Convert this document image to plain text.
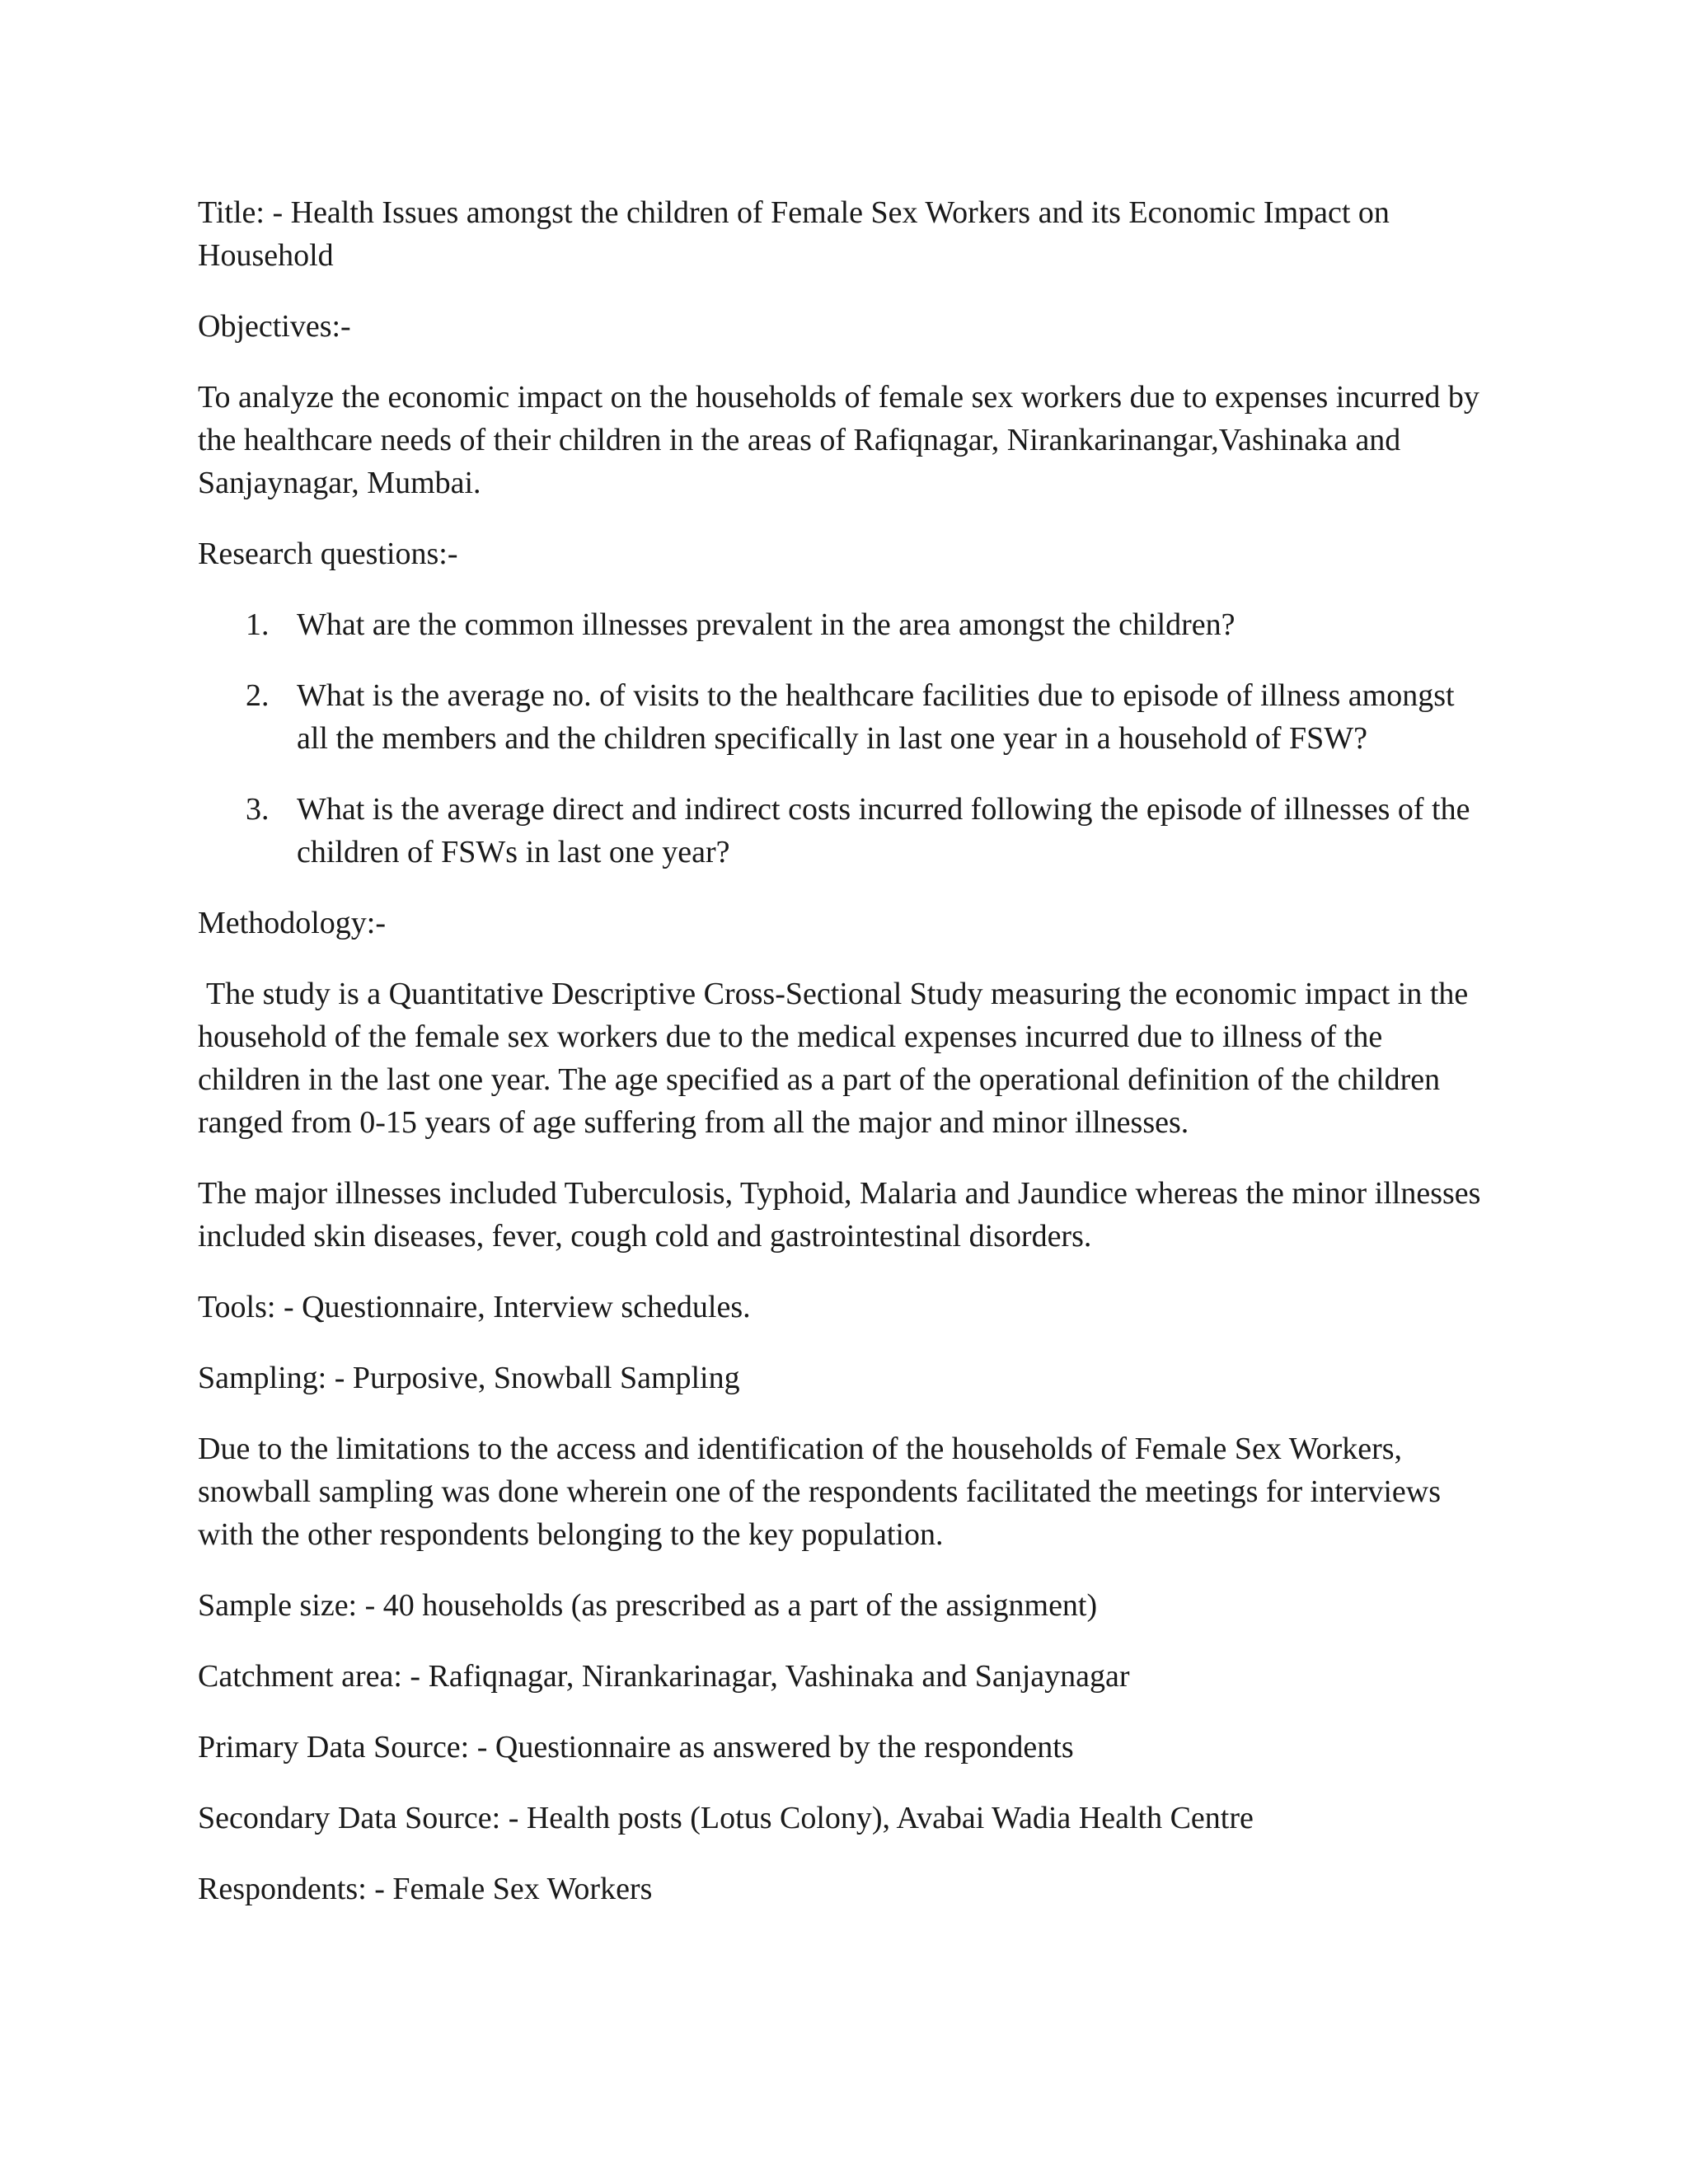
Title: - Health Issues amongst the children of Female Sex Workers and its Economic Impact on Household

Objectives:-

To analyze the economic impact on the households of female sex workers due to expenses incurred by the healthcare needs of their children in the areas of Rafiqnagar, Nirankarinangar,Vashinaka and Sanjaynagar, Mumbai.

Research questions:-

1. What are the common illnesses prevalent in the area amongst the children?
2. What is the average no. of visits to the healthcare facilities due to episode of illness amongst all the members and the children specifically in last one year in a household of FSW?
3. What is the average direct and indirect costs incurred following the episode of illnesses of the children of FSWs in last one year?

Methodology:-

The study is a Quantitative Descriptive Cross-Sectional Study measuring the economic impact in the household of the female sex workers due to the medical expenses incurred due to illness of the children in the last one year. The age specified as a part of the operational definition of the children ranged from 0-15 years of age suffering from all the major and minor illnesses.

The major illnesses included Tuberculosis, Typhoid, Malaria and Jaundice whereas the minor illnesses included skin diseases, fever, cough cold and gastrointestinal disorders.

Tools: - Questionnaire, Interview schedules.

Sampling: - Purposive, Snowball Sampling

Due to the limitations to the access and identification of the households of Female Sex Workers, snowball sampling was done wherein one of the respondents facilitated the meetings for interviews with the other respondents belonging to the key population.

Sample size: - 40 households (as prescribed as a part of the assignment)

Catchment area: - Rafiqnagar, Nirankarinagar, Vashinaka and Sanjaynagar

Primary Data Source: - Questionnaire as answered by the respondents

Secondary Data Source: - Health posts (Lotus Colony), Avabai Wadia Health Centre

Respondents: - Female Sex Workers
